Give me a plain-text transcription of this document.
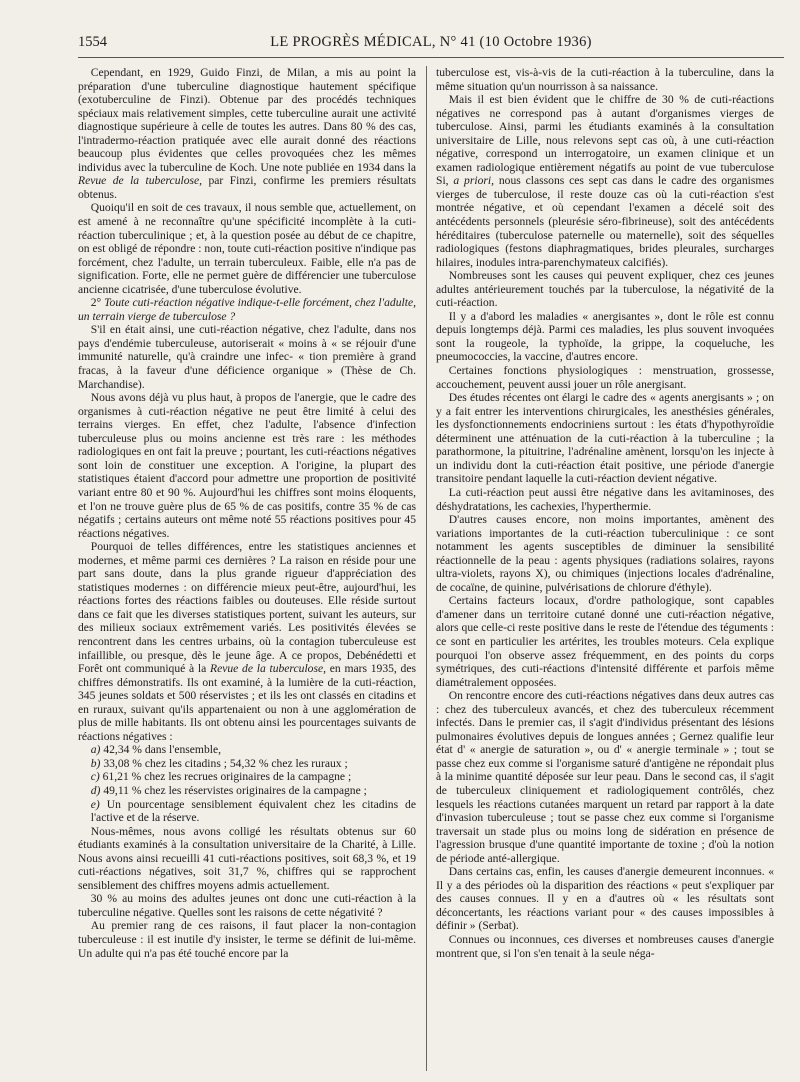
1554	LE PROGRÈS MÉDICAL, N° 41 (10 Octobre 1936)

Cependant, en 1929, Guido Finzi, de Milan, a mis au point la préparation d'une tuberculine diagnostique hautement spécifique (exotuberculine de Finzi). Obtenue par des procédés techniques spéciaux mais relativement simples, cette tuberculine aurait une activité diagnostique supérieure à celle de toutes les autres. Dans 80 % des cas, l'intradermo-réaction pratiquée avec elle aurait donné des réactions beaucoup plus évidentes que celles provoquées chez les mêmes individus avec la tuberculine de Koch. Une note publiée en 1934 dans la Revue de la tuberculose, par Finzi, confirme les premiers résultats obtenus.

Quoiqu'il en soit de ces travaux, il nous semble que, actuellement, on est amené à ne reconnaître qu'une spécificité incomplète à la cuti-réaction tuberculinique ; et, à la question posée au début de ce chapitre, on est obligé de répondre : non, toute cuti-réaction positive n'indique pas forcément, chez l'adulte, un terrain tuberculeux. Faible, elle n'a pas de signification. Forte, elle ne permet guère de différencier une tuberculose ancienne cicatrisée, d'une tuberculose évolutive.

2° Toute cuti-réaction négative indique-t-elle forcément, chez l'adulte, un terrain vierge de tuberculose ?

S'il en était ainsi, une cuti-réaction négative, chez l'adulte, dans nos pays d'endémie tuberculeuse, autoriserait « moins à « se réjouir d'une immunité naturelle, qu'à craindre une infec- « tion première à grand fracas, à la faveur d'une déficience organique » (Thèse de Ch. Marchandise).

Nous avons déjà vu plus haut, à propos de l'anergie, que le cadre des organismes à cuti-réaction négative ne peut être limité à celui des terrains vierges. En effet, chez l'adulte, l'absence d'infection tuberculeuse plus ou moins ancienne est très rare : les méthodes radiologiques en ont fait la preuve ; pourtant, les cuti-réactions négatives sont loin de constituer une exception. A l'origine, la plupart des statistiques étaient d'accord pour admettre une proportion de positivité variant entre 80 et 90 %. Aujourd'hui les chiffres sont moins éloquents, et l'on ne trouve guère plus de 65 % de cas positifs, contre 35 % de cas négatifs ; certains auteurs ont même noté 55 réactions positives pour 45 réactions négatives.

Pourquoi de telles différences, entre les statistiques anciennes et modernes, et même parmi ces dernières ? La raison en réside pour une part sans doute, dans la plus grande rigueur d'appréciation des statistiques modernes : on différencie mieux peut-être, aujourd'hui, les réactions fortes des réactions faibles ou douteuses. Elle réside surtout dans ce fait que les diverses statistiques portent, suivant les auteurs, sur des milieux sociaux extrêmement variés. Les positivités élevées se rencontrent dans les centres urbains, où la contagion tuberculeuse est infaillible, ou presque, dès le jeune âge. A ce propos, Debénédetti et Forêt ont communiqué à la Revue de la tuberculose, en mars 1935, des chiffres démonstratifs. Ils ont examiné, à la lumière de la cuti-réaction, 345 jeunes soldats et 500 réservistes ; et ils les ont classés en citadins et en ruraux, suivant qu'ils appartenaient ou non à une agglomération de plus de mille habitants. Ils ont obtenu ainsi les pourcentages suivants de réactions négatives :

a) 42,34 % dans l'ensemble,

b) 33,08 % chez les citadins ; 54,32 % chez les ruraux ;

c) 61,21 % chez les recrues originaires de la campagne ;

d) 49,11 % chez les réservistes originaires de la campagne ;

e) Un pourcentage sensiblement équivalent chez les citadins de l'active et de la réserve.

Nous-mêmes, nous avons colligé les résultats obtenus sur 60 étudiants examinés à la consultation universitaire de la Charité, à Lille. Nous avons ainsi recueilli 41 cuti-réactions positives, soit 68,3 %, et 19 cuti-réactions négatives, soit 31,7 %, chiffres qui se rapprochent sensiblement des chiffres moyens admis actuellement.

30 % au moins des adultes jeunes ont donc une cuti-réaction à la tuberculine négative. Quelles sont les raisons de cette négativité ?

Au premier rang de ces raisons, il faut placer la non-contagion tuberculeuse : il est inutile d'y insister, le terme se définit de lui-même. Un adulte qui n'a pas été touché encore par la

tuberculose est, vis-à-vis de la cuti-réaction à la tuberculine, dans la même situation qu'un nourrisson à sa naissance.

Mais il est bien évident que le chiffre de 30 % de cuti-réactions négatives ne correspond pas à autant d'organismes vierges de tuberculose. Ainsi, parmi les étudiants examinés à la consultation universitaire de Lille, nous relevons sept cas où, à une cuti-réaction négative, correspond un interrogatoire, un examen clinique et un examen radiologique entièrement négatifs au point de vue tuberculose Si, a priori, nous classons ces sept cas dans le cadre des organismes vierges de tuberculose, il reste douze cas où la cuti-réaction s'est montrée négative, et où cependant l'examen a décelé soit des antécédents personnels (pleurésie séro-fibrineuse), soit des antécédents héréditaires (tuberculose paternelle ou maternelle), soit des séquelles radiologiques (festons diaphragmatiques, brides pleurales, surcharges hilaires, inodules intra-parenchymateux calcifiés).

Nombreuses sont les causes qui peuvent expliquer, chez ces jeunes adultes antérieurement touchés par la tuberculose, la négativité de la cuti-réaction.

Il y a d'abord les maladies « anergisantes », dont le rôle est connu depuis longtemps déjà. Parmi ces maladies, les plus souvent invoquées sont la rougeole, la typhoïde, la grippe, la coqueluche, les pneumococcies, la vaccine, d'autres encore.

Certaines fonctions physiologiques : menstruation, grossesse, accouchement, peuvent aussi jouer un rôle anergisant.

Des études récentes ont élargi le cadre des « agents anergisants » ; on y a fait entrer les interventions chirurgicales, les anesthésies générales, les dysfonctionnements endocriniens surtout : les états d'hypothyroïdie déterminent une atténuation de la cuti-réaction à la tuberculine ; la parathormone, la pituitrine, l'adrénaline amènent, lorsqu'on les injecte à un individu dont la cuti-réaction était positive, une période d'anergie transitoire pendant laquelle la cuti-réaction devient négative.

La cuti-réaction peut aussi être négative dans les avitaminoses, des déshydratations, les cachexies, l'hyperthermie.

D'autres causes encore, non moins importantes, amènent des variations importantes de la cuti-réaction tuberculinique : ce sont notamment les agents susceptibles de diminuer la sensibilité réactionnelle de la peau : agents physiques (radiations solaires, rayons ultra-violets, rayons X), ou chimiques (injections locales d'adrénaline, de cocaïne, de quinine, pulvérisations de chlorure d'éthyle).

Certains facteurs locaux, d'ordre pathologique, sont capables d'amener dans un territoire cutané donné une cuti-réaction négative, alors que celle-ci reste positive dans le reste de l'étendue des téguments : ce sont en particulier les artérites, les troubles moteurs. Cela explique pourquoi l'on observe assez fréquemment, en des points du corps symétriques, des cuti-réactions d'intensité différente et parfois même diamétralement opposées.

On rencontre encore des cuti-réactions négatives dans deux autres cas : chez des tuberculeux avancés, et chez des tuberculeux récemment infectés. Dans le premier cas, il s'agit d'individus présentant des lésions pulmonaires évolutives depuis de longues années ; Gernez qualifie leur état d' « anergie de saturation », ou d' « anergie terminale » ; tout se passe chez eux comme si l'organisme saturé d'antigène ne répondait plus à la minime quantité déposée sur leur peau. Dans le second cas, il s'agit de tuberculeux cliniquement et radiologiquement contrôlés, chez lesquels les réactions cutanées marquent un retard par rapport à la date d'invasion tuberculeuse ; tout se passe chez eux comme si l'organisme traversait un stade plus ou moins long de sidération en présence de l'agression brusque d'une quantité importante de toxine ; d'où la notion de période anté-allergique.

Dans certains cas, enfin, les causes d'anergie demeurent inconnues. « Il y a des périodes où la disparition des réactions « peut s'expliquer par des causes connues. Il y en a d'autres où « les résultats sont déconcertants, les réactions variant pour « des causes impossibles à définir » (Serbat).

Connues ou inconnues, ces diverses et nombreuses causes d'anergie montrent que, si l'on s'en tenait à la seule néga-
